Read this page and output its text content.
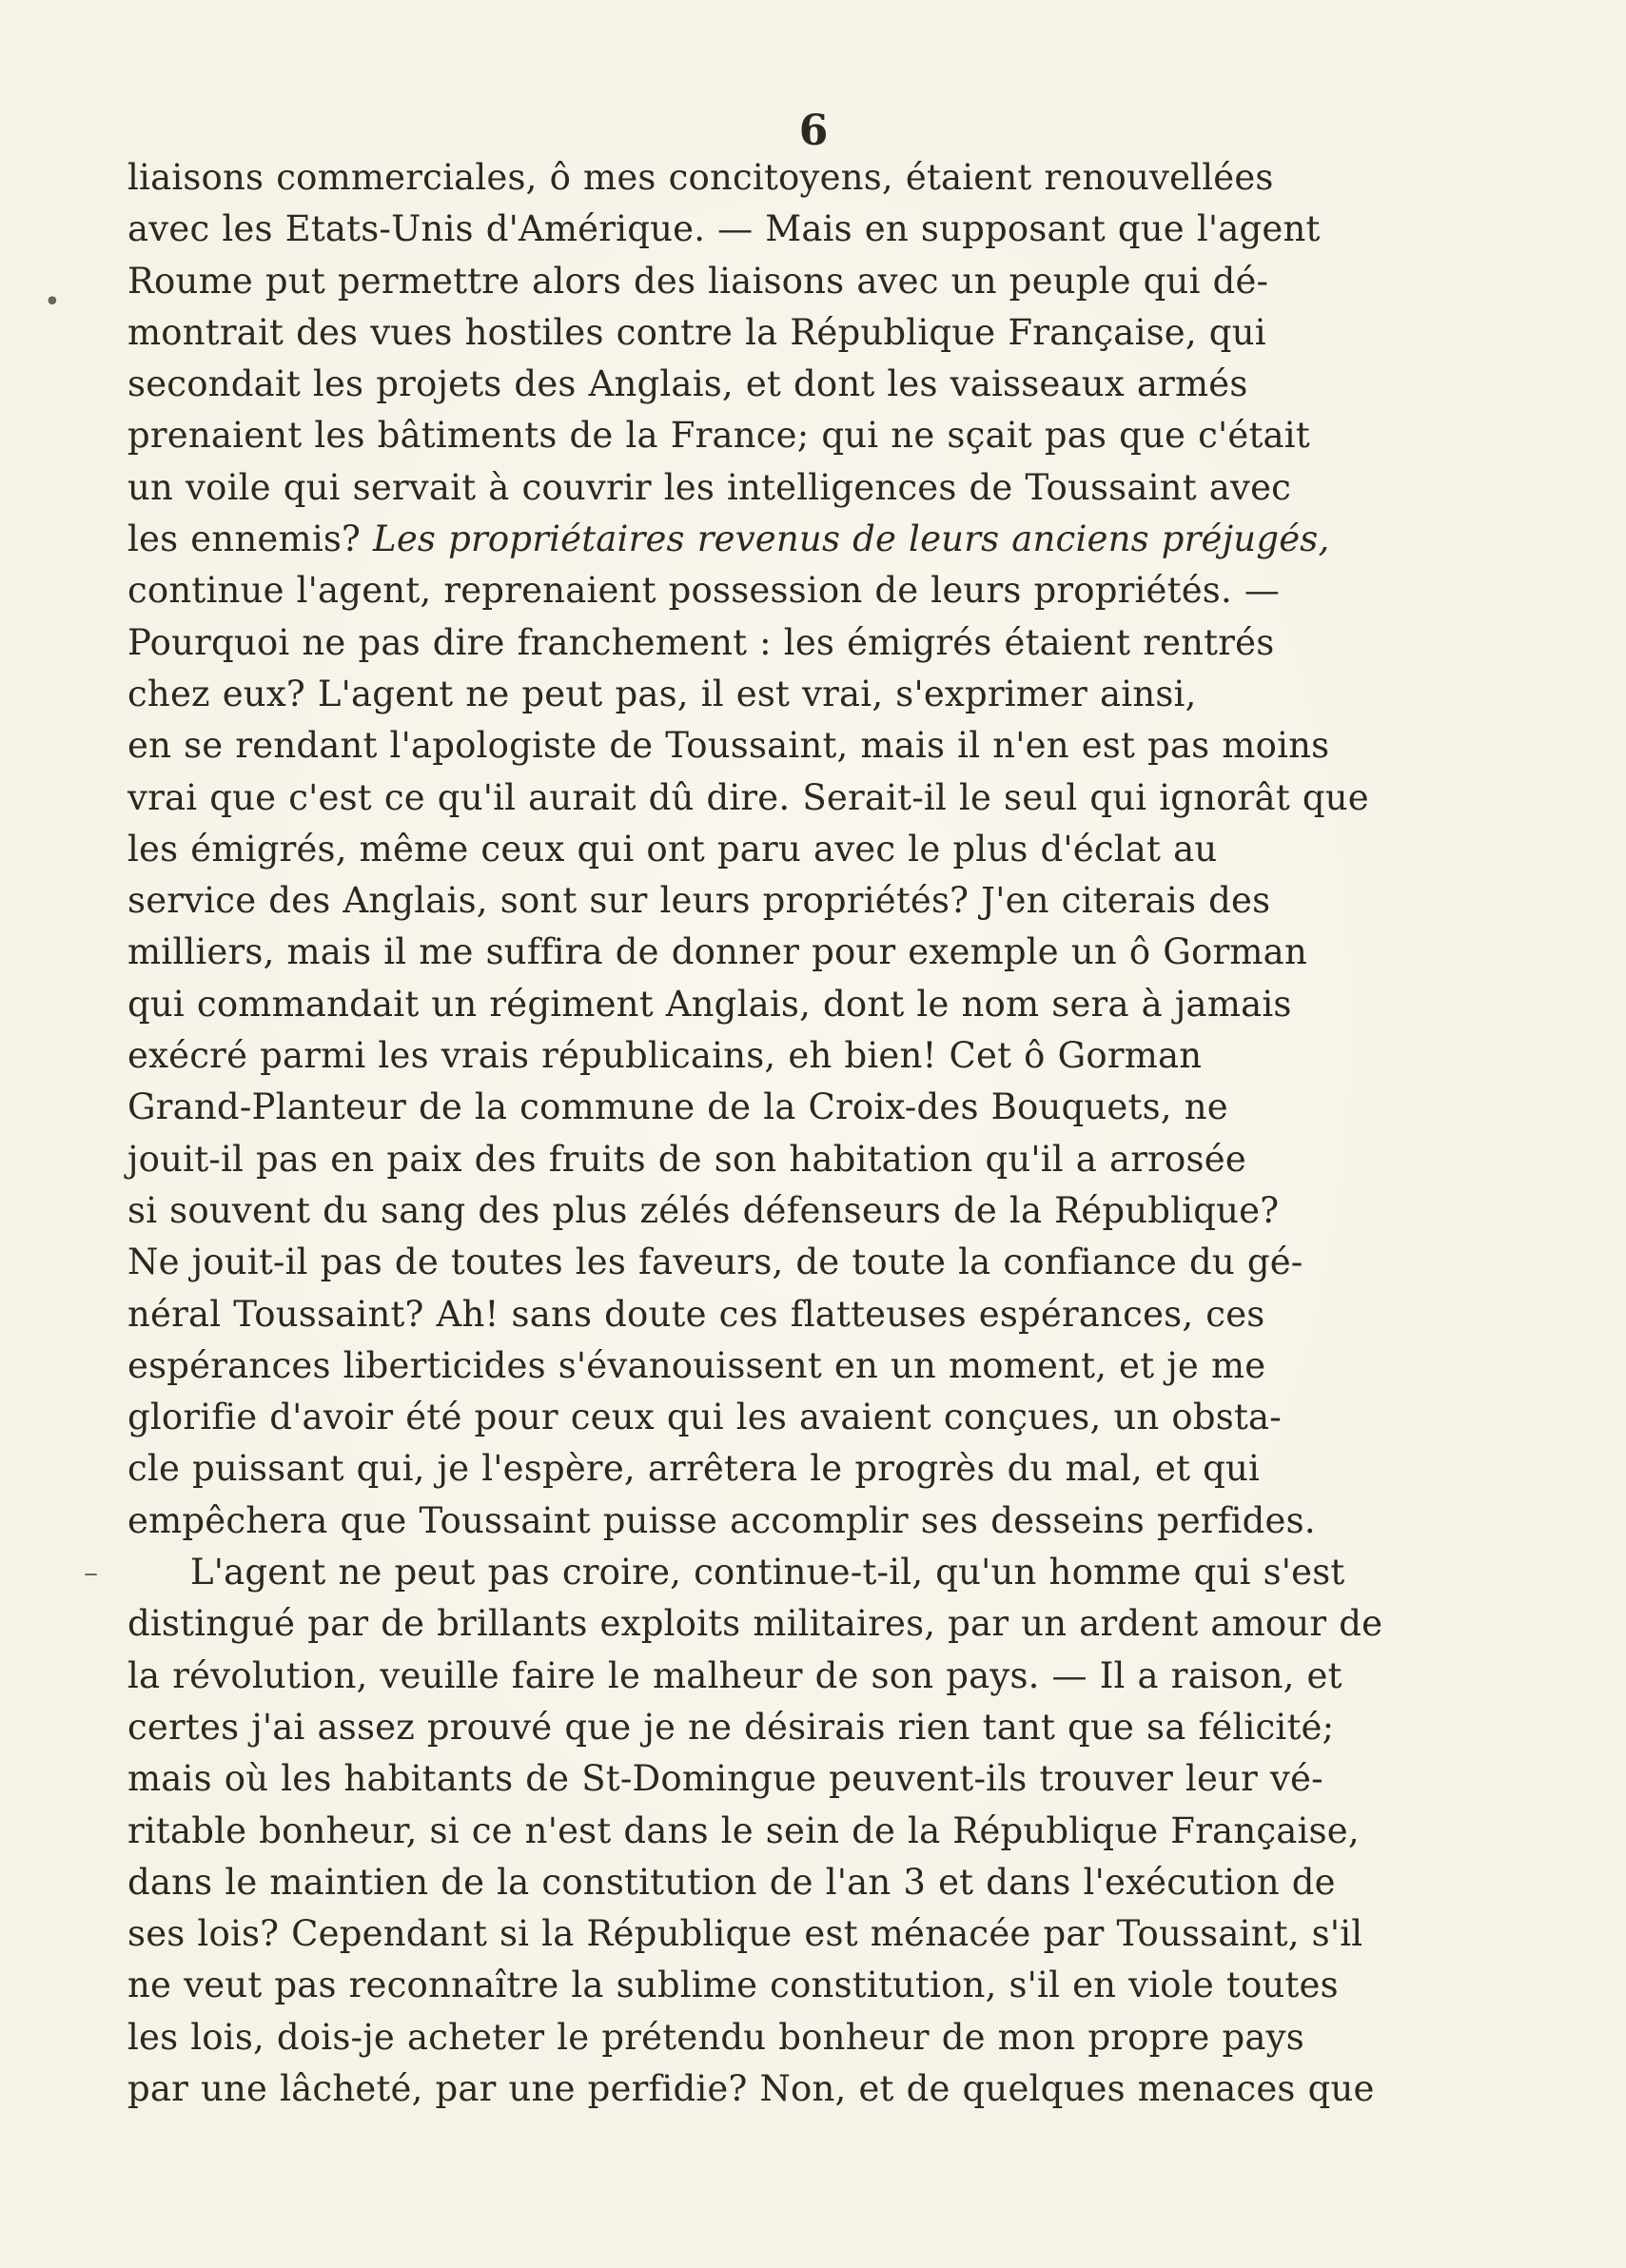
6
•
–
liaisons commerciales, ô mes concitoyens, étaient renouvellées
avec les Etats-Unis d'Amérique. — Mais en supposant que l'agent
Roume put permettre alors des liaisons avec un peuple qui dé-
montrait des vues hostiles contre la République Française, qui
secondait les projets des Anglais, et dont les vaisseaux armés
prenaient les bâtiments de la France; qui ne sçait pas que c'était
un voile qui servait à couvrir les intelligences de Toussaint avec
les ennemis? Les propriétaires revenus de leurs anciens préjugés,
continue l'agent, reprenaient possession de leurs propriétés. —
Pourquoi ne pas dire franchement : les émigrés étaient rentrés
chez eux? L'agent ne peut pas, il est vrai, s'exprimer ainsi,
en se rendant l'apologiste de Toussaint, mais il n'en est pas moins
vrai que c'est ce qu'il aurait dû dire. Serait-il le seul qui ignorât que
les émigrés, même ceux qui ont paru avec le plus d'éclat au
service des Anglais, sont sur leurs propriétés? J'en citerais des
milliers, mais il me suffira de donner pour exemple un ô Gorman
qui commandait un régiment Anglais, dont le nom sera à jamais
exécré parmi les vrais républicains, eh bien! Cet ô Gorman
Grand-Planteur de la commune de la Croix-des Bouquets, ne
jouit-il pas en paix des fruits de son habitation qu'il a arrosée
si souvent du sang des plus zélés défenseurs de la République?
Ne jouit-il pas de toutes les faveurs, de toute la confiance du gé-
néral Toussaint? Ah! sans doute ces flatteuses espérances, ces
espérances liberticides s'évanouissent en un moment, et je me
glorifie d'avoir été pour ceux qui les avaient conçues, un obsta-
cle puissant qui, je l'espère, arrêtera le progrès du mal, et qui
empêchera que Toussaint puisse accomplir ses desseins perfides.
L'agent ne peut pas croire, continue-t-il, qu'un homme qui s'est
distingué par de brillants exploits militaires, par un ardent amour de
la révolution, veuille faire le malheur de son pays. — Il a raison, et
certes j'ai assez prouvé que je ne désirais rien tant que sa félicité;
mais où les habitants de St-Domingue peuvent-ils trouver leur vé-
ritable bonheur, si ce n'est dans le sein de la République Française,
dans le maintien de la constitution de l'an 3 et dans l'exécution de
ses lois? Cependant si la République est ménacée par Toussaint, s'il
ne veut pas reconnaître la sublime constitution, s'il en viole toutes
les lois, dois-je acheter le prétendu bonheur de mon propre pays
par une lâcheté, par une perfidie? Non, et de quelques menaces que
